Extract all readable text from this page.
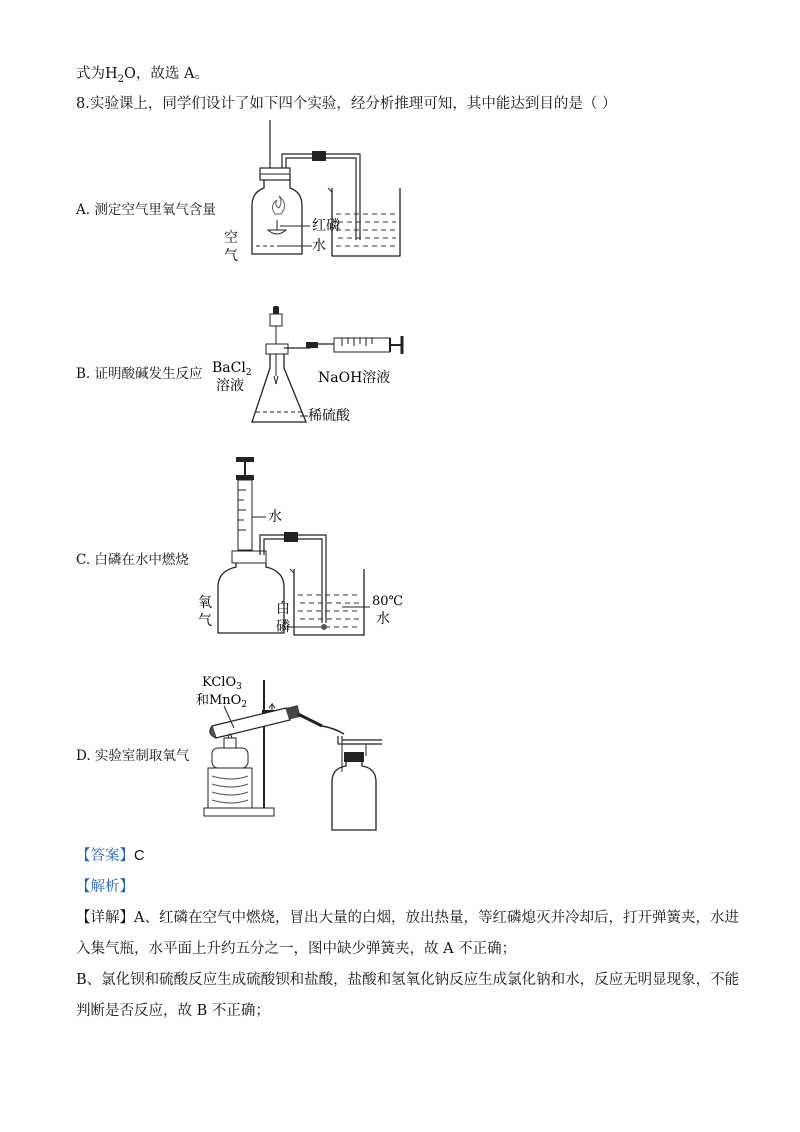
式为$H_2O$，故选 A。
8.实验课上，同学们设计了如下四个实验，经分析推理可知，其中能达到目的是（ ）
A. 测定空气里氧气含量
红 磷
水
空
气
B. 证明酸碱发生反应 BaCl$_2$
溶液	NaOH溶液
稀硫酸
C. 白磷在水中燃烧
水
氧
气
白
磷
80℃
水
D. 实验室制取氧气
KClO$_3$
和MnO$_2$
【答案】C
【解析】
【详解】A、红磷在空气中燃烧，冒出大量的白烟，放出热量，等红磷熄灭并冷却后，打开弹簧夹，水进
入集气瓶，水平面上升约五分之一，图中缺少弹簧夹，故 A 不正确；
B、氯化钡和硫酸反应生成硫酸钡和盐酸，盐酸和氢氧化钠反应生成氯化钠和水，反应无明显现象，不能
判断是否反应，故 B 不正确；
